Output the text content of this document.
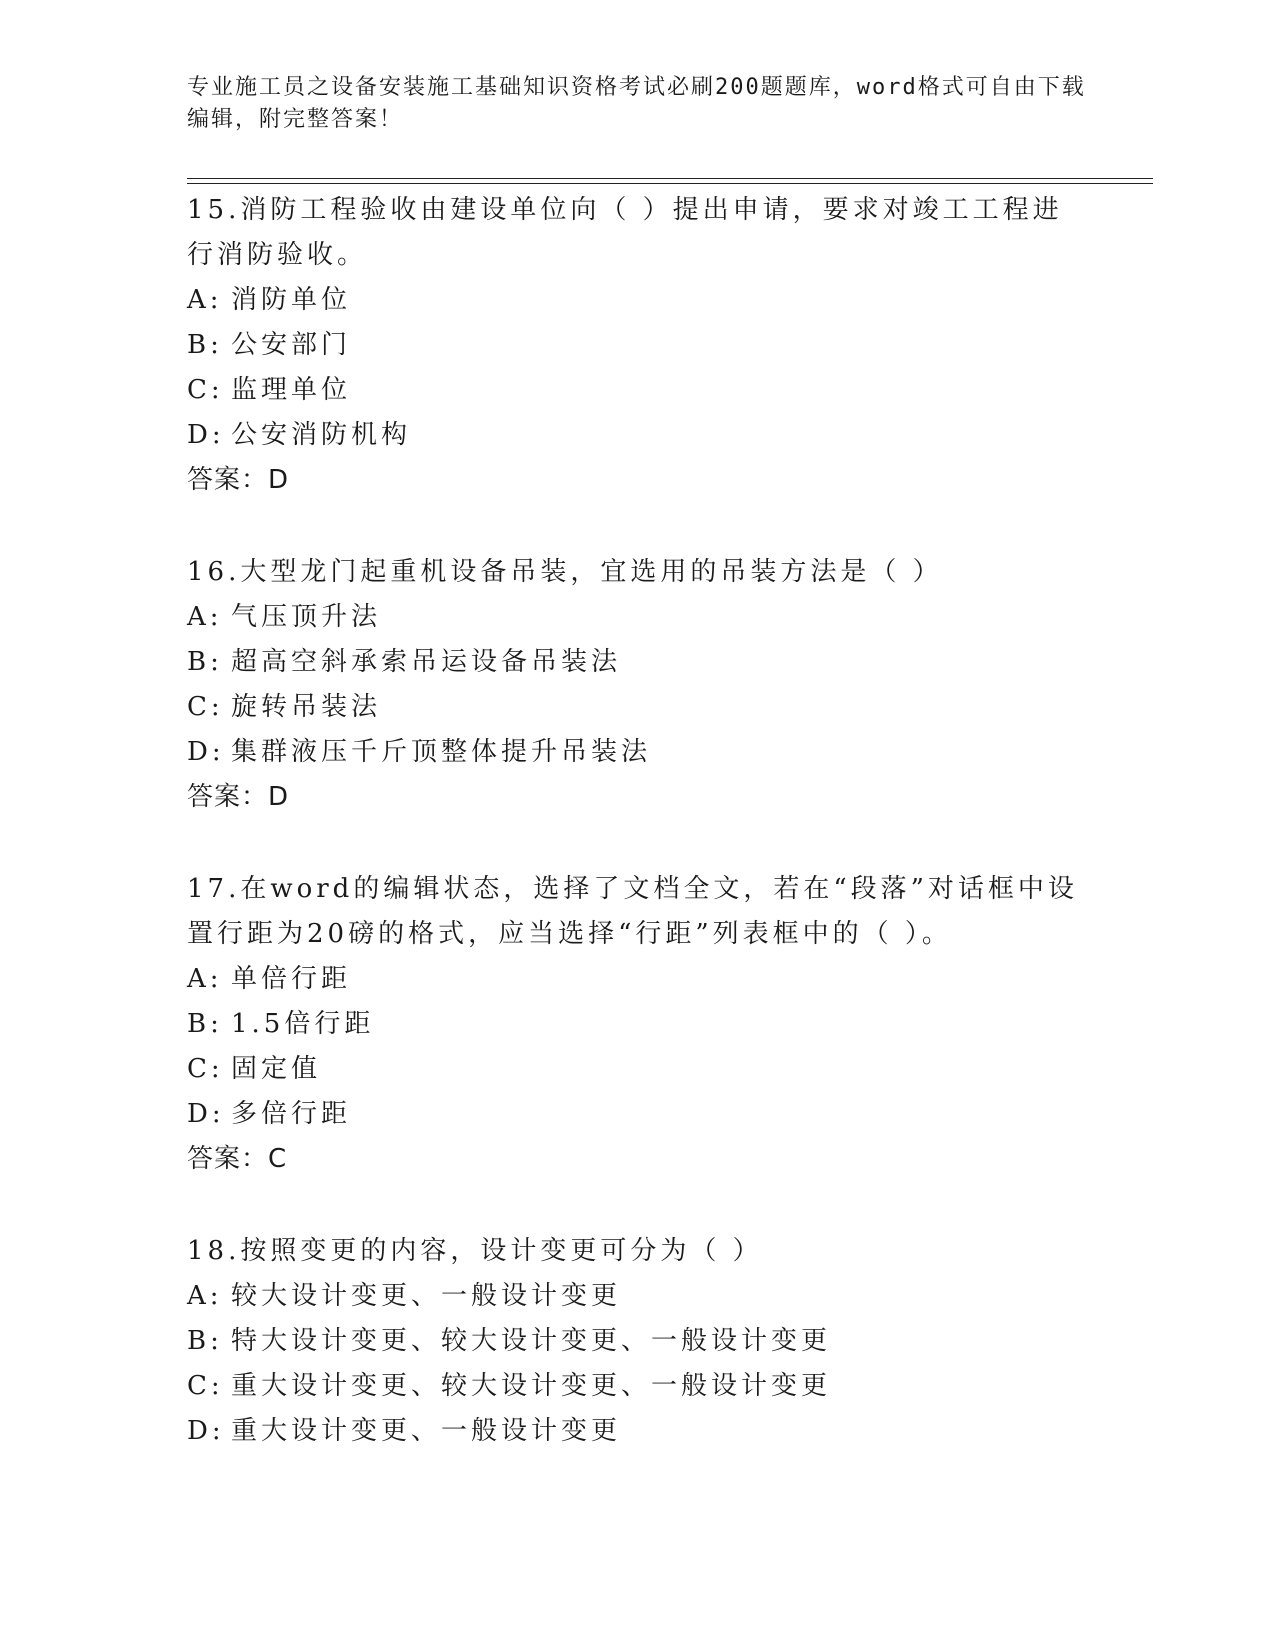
专业施工员之设备安装施工基础知识资格考试必刷200题题库，word格式可自由下载编辑，附完整答案！
15.消防工程验收由建设单位向（ ）提出申请，要求对竣工工程进行消防验收。
A: 消防单位
B: 公安部门
C: 监理单位
D: 公安消防机构
答案：D
16.大型龙门起重机设备吊装，宜选用的吊装方法是（ ）
A: 气压顶升法
B: 超高空斜承索吊运设备吊装法
C: 旋转吊装法
D: 集群液压千斤顶整体提升吊装法
答案：D
17.在word的编辑状态，选择了文档全文，若在“段落”对话框中设置行距为20磅的格式，应当选择“行距”列表框中的（ ）。
A: 单倍行距
B: 1.5倍行距
C: 固定值
D: 多倍行距
答案：C
18.按照变更的内容，设计变更可分为（ ）
A: 较大设计变更、一般设计变更
B: 特大设计变更、较大设计变更、一般设计变更
C: 重大设计变更、较大设计变更、一般设计变更
D: 重大设计变更、一般设计变更
